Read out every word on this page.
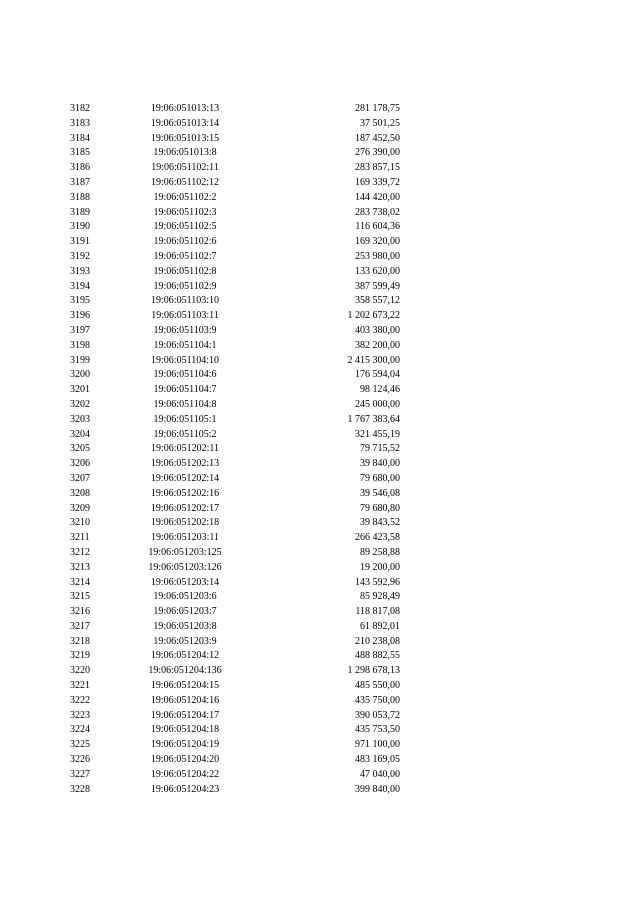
3182	19:06:051013:13	281 178,75
3183	19:06:051013:14	37 501,25
3184	19:06:051013:15	187 452,50
3185	19:06:051013:8	276 390,00
3186	19:06:051102:11	283 857,15
3187	19:06:051102:12	169 339,72
3188	19:06:051102:2	144 420,00
3189	19:06:051102:3	283 738,02
3190	19:06:051102:5	116 604,36
3191	19:06:051102:6	169 320,00
3192	19:06:051102:7	253 980,00
3193	19:06:051102:8	133 620,00
3194	19:06:051102:9	387 599,49
3195	19:06:051103:10	358 557,12
3196	19:06:051103:11	1 202 673,22
3197	19:06:051103:9	403 380,00
3198	19:06:051104:1	382 200,00
3199	19:06:051104:10	2 415 300,00
3200	19:06:051104:6	176 594,04
3201	19:06:051104:7	98 124,46
3202	19:06:051104:8	245 000,00
3203	19:06:051105:1	1 767 383,64
3204	19:06:051105:2	321 455,19
3205	19:06:051202:11	79 715,52
3206	19:06:051202:13	39 840,00
3207	19:06:051202:14	79 680,00
3208	19:06:051202:16	39 546,08
3209	19:06:051202:17	79 680,80
3210	19:06:051202:18	39 843,52
3211	19:06:051203:11	266 423,58
3212	19:06:051203:125	89 258,88
3213	19:06:051203:126	19 200,00
3214	19:06:051203:14	143 592,96
3215	19:06:051203:6	85 928,49
3216	19:06:051203:7	118 817,08
3217	19:06:051203:8	61 892,01
3218	19:06:051203:9	210 238,08
3219	19:06:051204:12	488 882,55
3220	19:06:051204:136	1 298 678,13
3221	19:06:051204:15	485 550,00
3222	19:06:051204:16	435 750,00
3223	19:06:051204:17	390 053,72
3224	19:06:051204:18	435 753,50
3225	19:06:051204:19	971 100,00
3226	19:06:051204:20	483 169,05
3227	19:06:051204:22	47 040,00
3228	19:06:051204:23	399 840,00
